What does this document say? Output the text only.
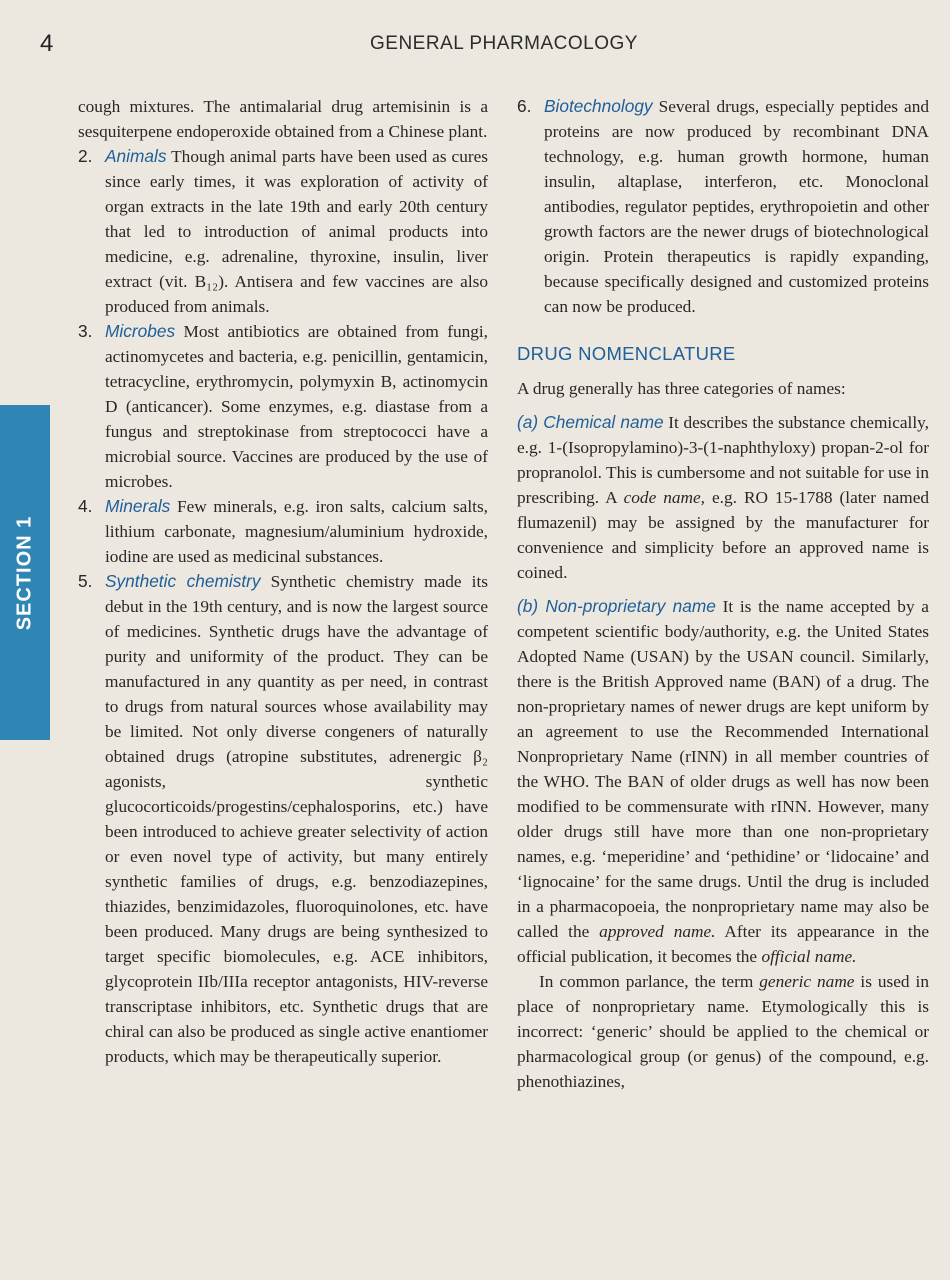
4	GENERAL PHARMACOLOGY
SECTION 1

cough mixtures. The antimalarial drug artemisinin is a sesquiterpene endoperoxide obtained from a Chinese plant.

2. Animals Though animal parts have been used as cures since early times, it was exploration of activity of organ extracts in the late 19th and early 20th century that led to introduction of animal products into medicine, e.g. adrenaline, thyroxine, insulin, liver extract (vit. B₁₂). Antisera and few vaccines are also produced from animals.

3. Microbes Most antibiotics are obtained from fungi, actinomycetes and bacteria, e.g. penicillin, gentamicin, tetracycline, erythromycin, polymyxin B, actinomycin D (anticancer). Some enzymes, e.g. diastase from a fungus and streptokinase from streptococci have a microbial source. Vaccines are produced by the use of microbes.

4. Minerals Few minerals, e.g. iron salts, calcium salts, lithium carbonate, magnesium/aluminium hydroxide, iodine are used as medicinal substances.

5. Synthetic chemistry Synthetic chemistry made its debut in the 19th century, and is now the largest source of medicines. Synthetic drugs have the advantage of purity and uniformity of the product. They can be manufactured in any quantity as per need, in contrast to drugs from natural sources whose availability may be limited. Not only diverse congeners of naturally obtained drugs (atropine substitutes, adrenergic β₂ agonists, synthetic glucocorticoids/progestins/cephalosporins, etc.) have been introduced to achieve greater selectivity of action or even novel type of activity, but many entirely synthetic families of drugs, e.g. benzodiazepines, thiazides, benzimidazoles, fluoroquinolones, etc. have been produced. Many drugs are being synthesized to target specific biomolecules, e.g. ACE inhibitors, glycoprotein IIb/IIIa receptor antagonists, HIV-reverse transcriptase inhibitors, etc. Synthetic drugs that are chiral can also be produced as single active enantiomer products, which may be therapeutically superior.

6. Biotechnology Several drugs, especially peptides and proteins are now produced by recombinant DNA technology, e.g. human growth hormone, human insulin, altaplase, interferon, etc. Monoclonal antibodies, regulator peptides, erythropoietin and other growth factors are the newer drugs of biotechnological origin. Protein therapeutics is rapidly expanding, because specifically designed and customized proteins can now be produced.

DRUG NOMENCLATURE

A drug generally has three categories of names:

(a) Chemical name It describes the substance chemically, e.g. 1-(Isopropylamino)-3-(1-naphthyloxy) propan-2-ol for propranolol. This is cumbersome and not suitable for use in prescribing. A code name, e.g. RO 15-1788 (later named flumazenil) may be assigned by the manufacturer for convenience and simplicity before an approved name is coined.

(b) Non-proprietary name It is the name accepted by a competent scientific body/authority, e.g. the United States Adopted Name (USAN) by the USAN council. Similarly, there is the British Approved name (BAN) of a drug. The non-proprietary names of newer drugs are kept uniform by an agreement to use the Recommended International Nonproprietary Name (rINN) in all member countries of the WHO. The BAN of older drugs as well has now been modified to be commensurate with rINN. However, many older drugs still have more than one non-proprietary names, e.g. ‘meperidine’ and ‘pethidine’ or ‘lidocaine’ and ‘lignocaine’ for the same drugs. Until the drug is included in a pharmacopoeia, the nonproprietary name may also be called the approved name. After its appearance in the official publication, it becomes the official name.

In common parlance, the term generic name is used in place of nonproprietary name. Etymologically this is incorrect: ‘generic’ should be applied to the chemical or pharmacological group (or genus) of the compound, e.g. phenothiazines,
